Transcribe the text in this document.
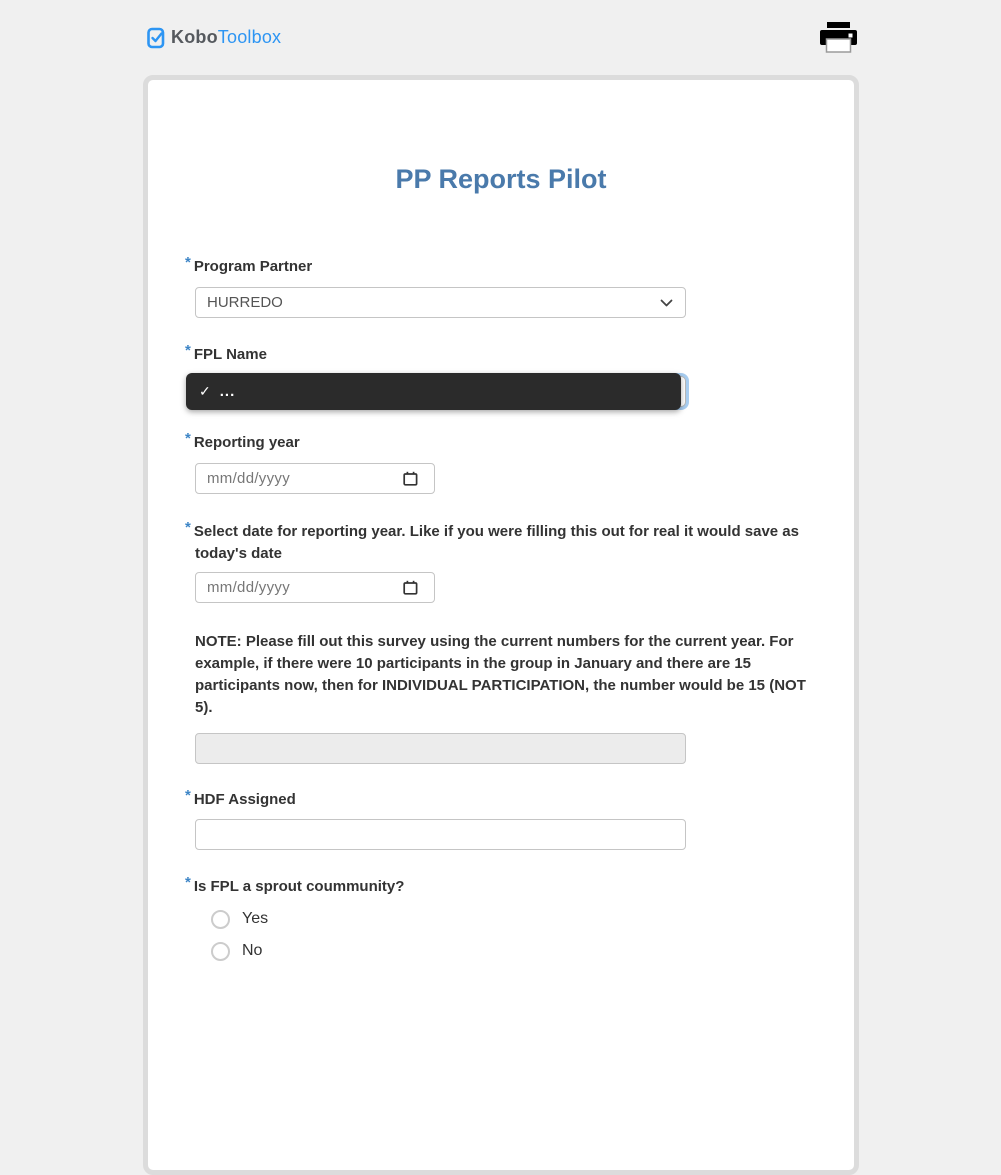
KoboToolbox
PP Reports Pilot
* Program Partner
HURREDO
* FPL Name
✓ ...
* Reporting year
mm/dd/yyyy
* Select date for reporting year. Like if you were filling this out for real it would save as today's date
mm/dd/yyyy

NOTE: Please fill out this survey using the current numbers for the current year. For example, if there were 10 participants in the group in January and there are 15 participants now, then for INDIVIDUAL PARTICIPATION, the number would be 15 (NOT 5).

* HDF Assigned
* Is FPL a sprout coummunity?
Yes
No
